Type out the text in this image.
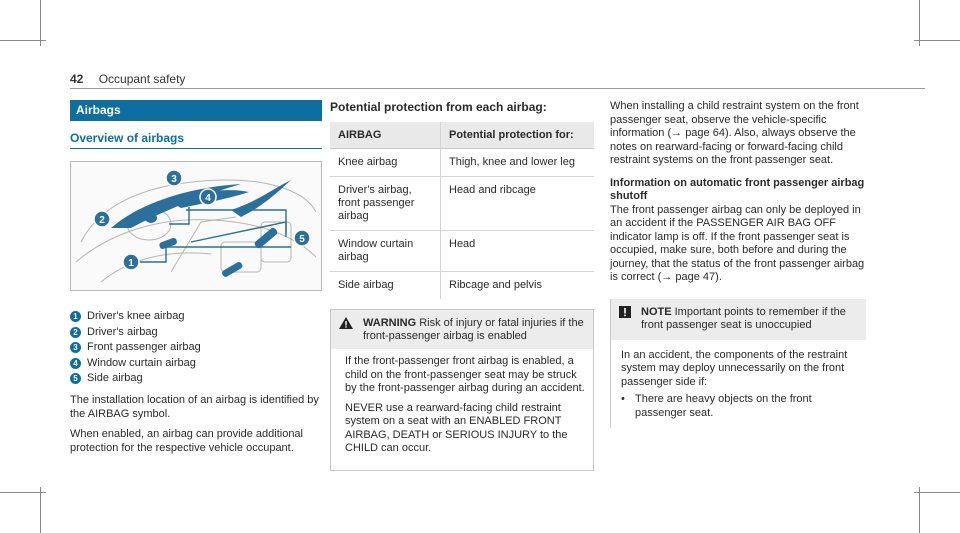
42 Occupant safety
Airbags
Overview of airbags
3
4
2
5
1
1 Driver's knee airbag
2 Driver's airbag
3 Front passenger airbag
4 Window curtain airbag
5 Side airbag
The installation location of an airbag is identified by the AIRBAG symbol.
When enabled, an airbag can provide additional protection for the respective vehicle occupant.
Potential protection from each airbag:
AIRBAG	Potential protection for:
Knee airbag	Thigh, knee and lower leg
Driver's airbag, front passenger airbag	Head and ribcage
Window curtain airbag	Head
Side airbag	Ribcage and pelvis
WARNING Risk of injury or fatal injuries if the front-passenger airbag is enabled

If the front-passenger front airbag is enabled, a child on the front-passenger seat may be struck by the front-passenger airbag during an accident.

NEVER use a rearward-facing child restraint system on a seat with an ENABLED FRONT AIRBAG, DEATH or SERIOUS INJURY to the CHILD can occur.

When installing a child restraint system on the front passenger seat, observe the vehicle-specific information (→ page 64). Also, always observe the notes on rearward-facing or forward-facing child restraint systems on the front passenger seat.

Information on automatic front passenger airbag shutoff

The front passenger airbag can only be deployed in an accident if the PASSENGER AIR BAG OFF indicator lamp is off. If the front passenger seat is occupied, make sure, both before and during the journey, that the status of the front passenger airbag is correct (→ page 47).

NOTE Important points to remember if the front passenger seat is unoccupied

In an accident, the components of the restraint system may deploy unnecessarily on the front passenger side if:

• There are heavy objects on the front passenger seat.
